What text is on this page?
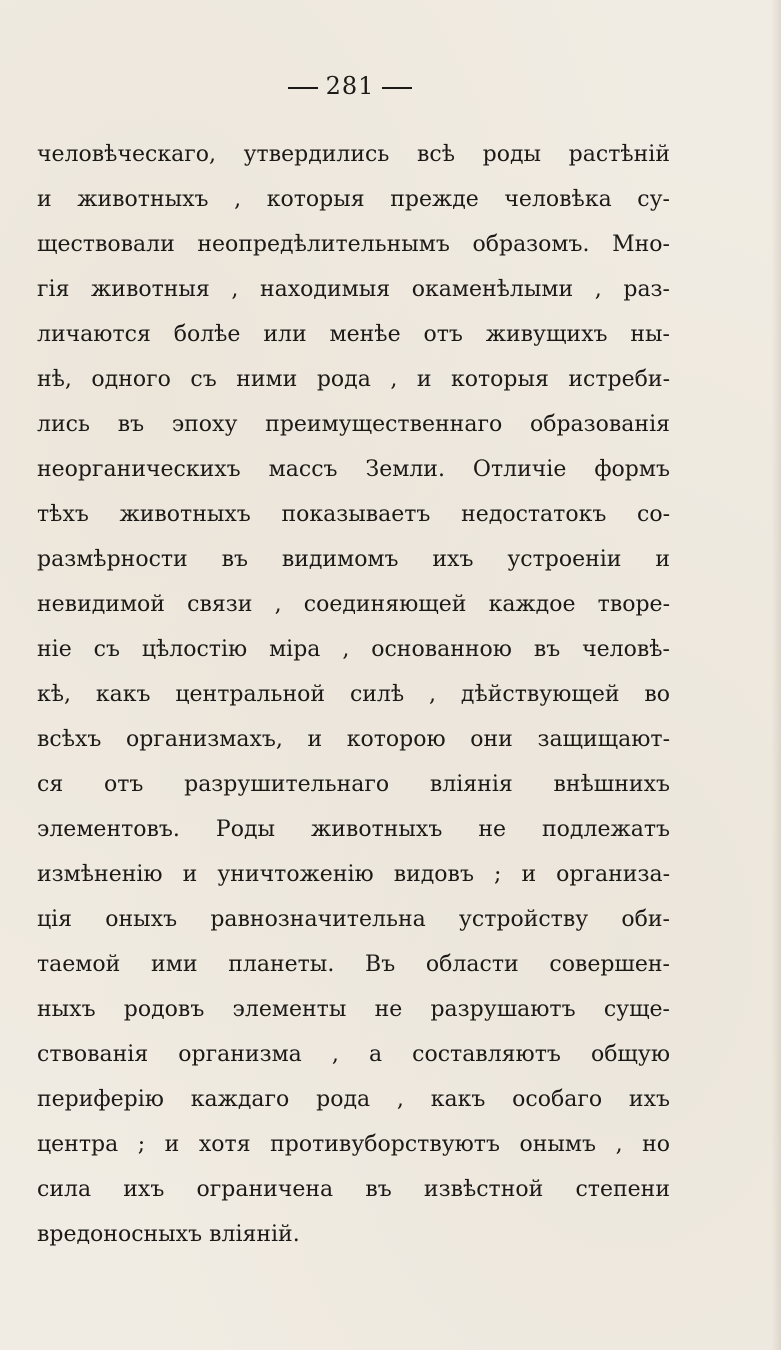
281
человѣческаго, утвердились всѣ роды растѣній
и животныхъ , которыя прежде человѣка су-
ществовали неопредѣлительнымъ образомъ. Мно-
гія животныя , находимыя окаменѣлыми , раз-
личаются болѣе или менѣе отъ живущихъ ны-
нѣ, одного съ ними рода , и которыя истреби-
лись въ эпоху преимущественнаго образованія
неорганическихъ массъ Земли. Отличіе формъ
тѣхъ животныхъ показываетъ недостатокъ со-
размѣрности въ видимомъ ихъ устроеніи и
невидимой связи , соединяющей каждое творе-
ніе съ цѣлостію міра , основанною въ человѣ-
кѣ, какъ центральной силѣ , дѣйствующей во
всѣхъ организмахъ, и которою они защищают-
ся отъ разрушительнаго вліянія внѣшнихъ
элементовъ. Роды животныхъ не подлежатъ
измѣненію и уничтоженію видовъ ; и организа-
ція оныхъ равнозначительна устройству оби-
таемой ими планеты. Въ области совершен-
ныхъ родовъ элементы не разрушаютъ суще-
ствованія организма , а составляютъ общую
периферію каждаго рода , какъ особаго ихъ
центра ; и хотя противуборствуютъ онымъ , но
сила ихъ ограничена въ извѣстной степени
вредоносныхъ вліяній.
